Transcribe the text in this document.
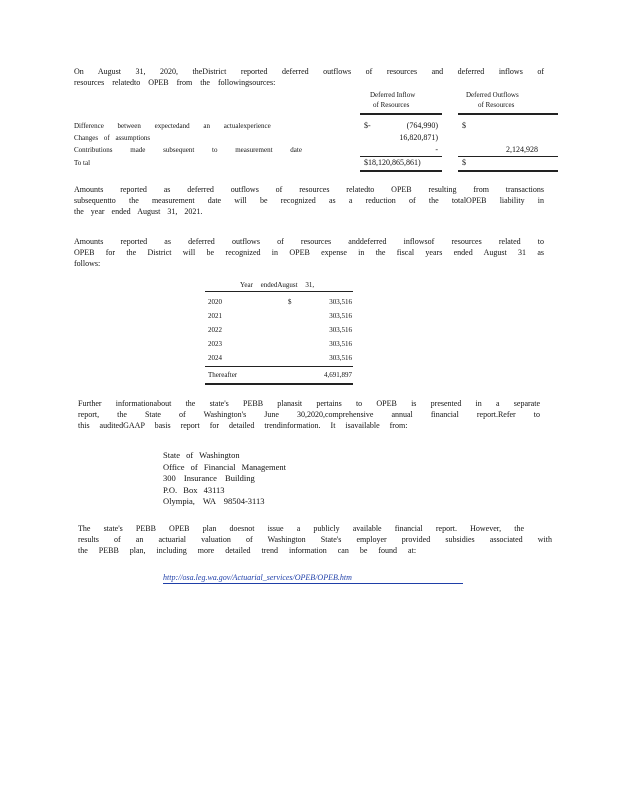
On August 31, 2020, theDistrict reported deferred outflows of resources and deferred inflows of
resources relatedto OPEB from the followingsources:
Deferred Inflow
of Resources
Deferred Outflows
of Resources
Difference between expectedand an actualexperience	$-	(764,990)	$
Changes of assumptions	16,820,871)
Contributions made subsequent to measurement date	-	2,124,928
To tal	$18,120,865,861)	$
Amounts reported as deferred outflows of resources relatedto OPEB resulting from transactions
subsequentto the measurement date will be recognized as a reduction of the totalOPEB liability in
the year ended August 31, 2021.
Amounts reported as deferred outflows of resources anddeferred inflowsof resources related to
OPEB for the District will be recognized in OPEB expense in the fiscal years ended August 31 as
follows:
Year endedAugust 31,
2020	$	303,516
2021	303,516
2022	303,516
2023	303,516
2024	303,516
Thereafter	4,691,897
Further informationabout the state's PEBB planasit pertains to OPEB is presented in a separate
report, the State of Washington's June 30,2020,comprehensive annual financial report.Refer to
this auditedGAAP basis report for detailed trendinformation. It isavailable from:
State of Washington
Office of Financial Management
300 Insurance Building
P.O. Box 43113
Olympia, WA 98504-3113
The state's PEBB OPEB plan doesnot issue a publicly available financial report. However, the
results of an actuarial valuation of Washington State's employer provided subsidies associated with
the PEBB plan, including more detailed trend information can be found at:
http://osa.leg.wa.gov/Actuarial_services/OPEB/OPEB.htm
